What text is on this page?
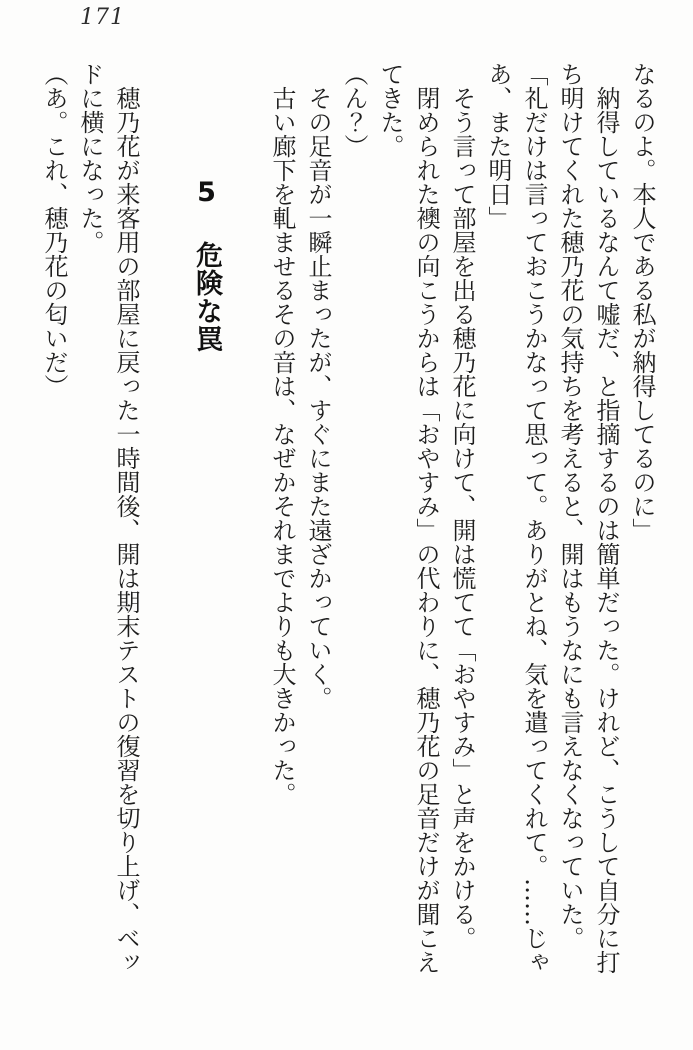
171

なるのよ。本人である私が納得してるのに」

　納得しているなんて嘘だ、と指摘するのは簡単だった。けれど、こうして自分に打ち明けてくれた穂乃花の気持ちを考えると、開はもうなにも言えなくなっていた。

「礼だけは言っておこうかなって思って。ありがとね、気を遣ってくれて。……じゃあ、また明日」

　そう言って部屋を出る穂乃花に向けて、開は慌てて「おやすみ」と声をかける。

　閉められた襖の向こうからは「おやすみ」の代わりに、穂乃花の足音だけが聞こえてきた。

（ん？）

　その足音が一瞬止まったが、すぐにまた遠ざかっていく。

　古い廊下を軋ませるその音は、なぜかそれまでよりも大きかった。

5 危険な罠

　穂乃花が来客用の部屋に戻った一時間後、開は期末テストの復習を切り上げ、ベッドに横になった。

（あ。これ、穂乃花の匂いだ）
